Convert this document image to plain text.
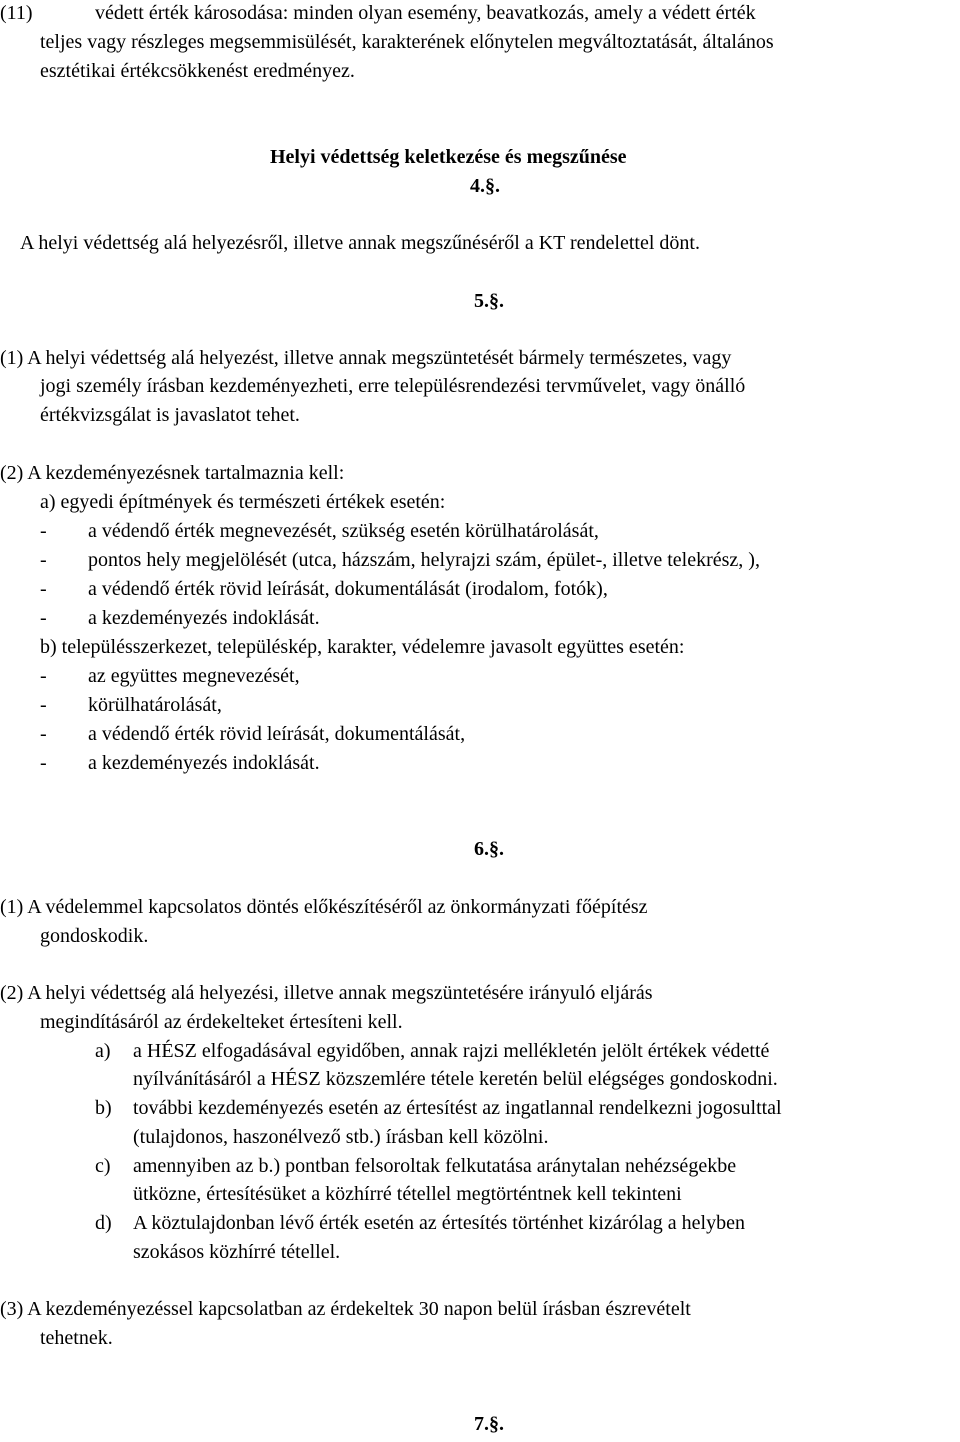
(11)	védett érték károsodása: minden olyan esemény, beavatkozás, amely a védett érték
teljes vagy részleges megsemmisülését, karakterének előnytelen megváltoztatását, általános
esztétikai értékcsökkenést eredményez.
Helyi védettség keletkezése és megszűnése
4.§.
A helyi védettség alá helyezésről, illetve annak megszűnéséről a KT rendelettel dönt.
5.§.
(1) A helyi védettség alá helyezést, illetve annak megszüntetését bármely természetes, vagy
jogi személy írásban kezdeményezheti, erre településrendezési tervművelet, vagy önálló
értékvizsgálat is javaslatot tehet.
(2) A kezdeményezésnek tartalmaznia kell:
a) egyedi építmények és természeti értékek esetén:
- a védendő érték megnevezését, szükség esetén körülhatárolását,
- pontos hely megjelölését (utca, házszám, helyrajzi szám, épület-, illetve telekrész, ),
- a védendő érték rövid leírását, dokumentálását (irodalom, fotók),
- a kezdeményezés indoklását.
b) településszerkezet, településkép, karakter, védelemre javasolt együttes esetén:
- az együttes megnevezését,
- körülhatárolását,
- a védendő érték rövid leírását, dokumentálását,
- a kezdeményezés indoklását.
6.§.
(1) A védelemmel kapcsolatos döntés előkészítéséről az önkormányzati főépítész
gondoskodik.
(2) A helyi védettség alá helyezési, illetve annak megszüntetésére irányuló eljárás
megindításáról az érdekelteket értesíteni kell.
a) a HÉSZ elfogadásával egyidőben, annak rajzi mellékletén jelölt értékek védetté
nyílvánításáról a HÉSZ közszemlére tétele keretén belül elégséges gondoskodni.
b) további kezdeményezés esetén az értesítést az ingatlannal rendelkezni jogosulttal
(tulajdonos, haszonélvező stb.) írásban kell közölni.
c) amennyiben az b.) pontban felsoroltak felkutatása aránytalan nehézségekbe
ütközne, értesítésüket a közhírré tétellel megtörténtnek kell tekinteni
d) A köztulajdonban lévő érték esetén az értesítés történhet kizárólag a helyben
szokásos közhírré tétellel.
(3) A kezdeményezéssel kapcsolatban az érdekeltek 30 napon belül írásban észrevételt
tehetnek.
7.§.
